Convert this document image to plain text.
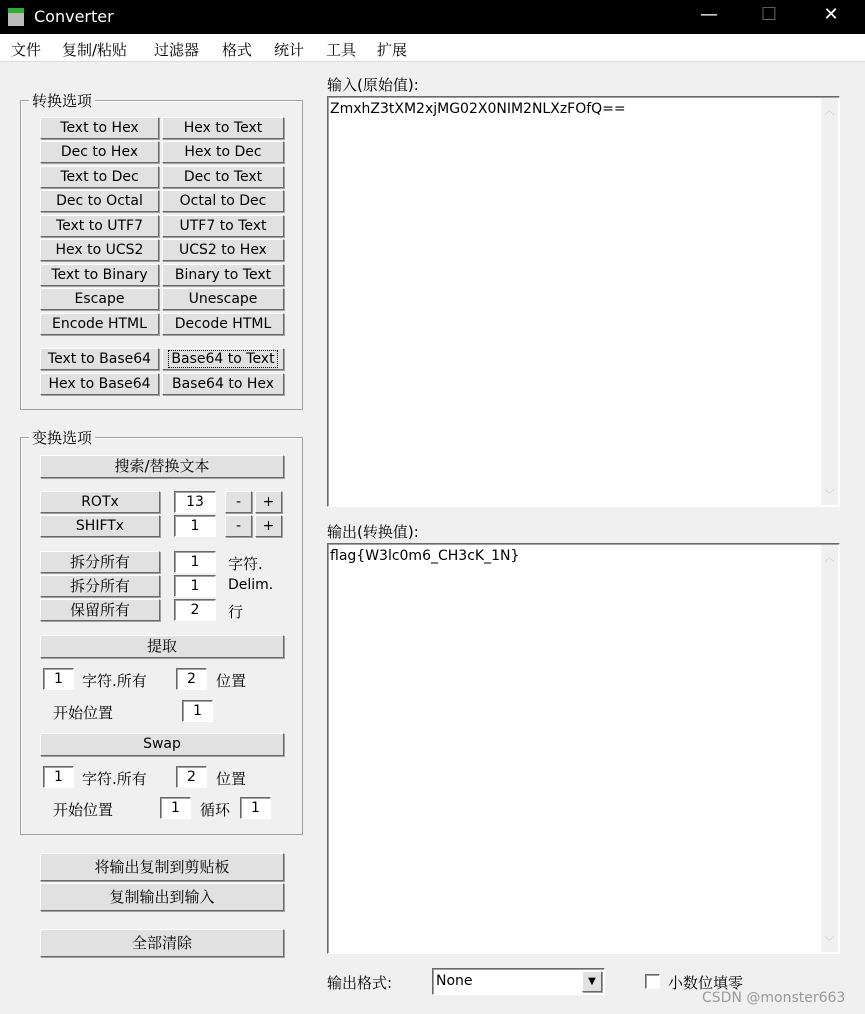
Converter	—	☐	✕
文件 复制/粘贴 过滤器 格式 统计 工具 扩展
转换选项
Text to Hex	Hex to Text
Dec to Hex	Hex to Dec
Text to Dec	Dec to Text
Dec to Octal	Octal to Dec
Text to UTF7	UTF7 to Text
Hex to UCS2	UCS2 to Hex
Text to Binary	Binary to Text
Escape	Unescape
Encode HTML	Decode HTML
Text to Base64	Base64 to Text
Hex to Base64	Base64 to Hex
变换选项
搜索/替换文本
ROTx	13	-	+
SHIFTx	1	-	+
拆分所有	1	字符.
拆分所有	1	Delim.
保留所有	2	行
提取
1	字符.所有	2	位置
开始位置	1
Swap
1	字符.所有	2	位置
开始位置	1	循环	1
将输出复制到剪贴板
复制输出到输入
全部清除
输入(原始值):
ZmxhZ3tXM2xjMG02X0NIM2NLXzFOfQ==	︿
﹀
输出(转换值):
flag{W3lc0m6_CH3cK_1N}	︿
﹀
输出格式:	None	▼	小数位填零
CSDN @monster663
